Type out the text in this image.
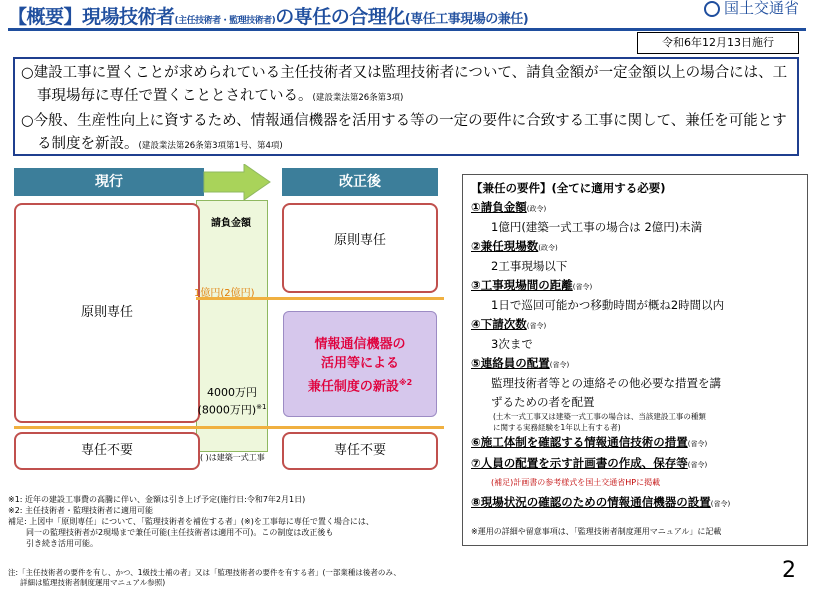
【概要】現場技術者(主任技術者・監理技術者)の専任の合理化(専任工事現場の兼任)
国土交通省
令和6年12月13日施行

○建設工事に置くことが求められている主任技術者又は監理技術者について、請負金額が一定金額以上の場合には、工事現場毎に専任で置くこととされている。(建設業法第26条第3項)

○今般、生産性向上に資するため、情報通信機器を活用する等の一定の要件に合致する工事に関して、兼任を可能とする制度を新設。(建設業法第26条第3項第1号、第4項)

現行	改正後
請負金額
原則専任
専任不要
原則専任
専任不要
情報通信機器の
活用等による
兼任制度の新設$^{※2}$
1億円(2億円)
4000万円
(8000万円)$^{※1}$
( )は建築一式工事
【兼任の要件】(全てに適用する必要)
①請負金額(政令)
1億円(建築一式工事の場合は 2億円)未満
②兼任現場数(政令)
2工事現場以下
③工事現場間の距離(省令)
1日で巡回可能かつ移動時間が概ね2時間以内
④下請次数(省令)
3次まで
⑤連絡員の配置(省令)
監理技術者等との連絡その他必要な措置を講
ずるための者を配置
(土木一式工事又は建築一式工事の場合は、当該建設工事の種類
に関する実務経験を1年以上有する者)
⑥施工体制を確認する情報通信技術の措置(省令)
⑦人員の配置を示す計画書の作成、保存等(省令)
(補足)計画書の参考様式を国土交通省HPに掲載
⑧現場状況の確認のための情報通信機器の設置(省令)
※運用の詳細や留意事項は、「監理技術者制度運用マニュアル」に記載
※1: 近年の建設工事費の高騰に伴い、金額は引き上げ予定(施行日:令和7年2月1日)
※2: 主任技術者・監理技術者に適用可能
補足: 上図中「原則専任」について、「監理技術者を補佐する者」(※)を工事毎に専任で置く場合には、
同一の監理技術者が2現場まで兼任可能(主任技術者は適用不可)。この制度は改正後も
引き続き活用可能。
注:「主任技術者の要件を有し、かつ、1級技士補の者」又は「監理技術者の要件を有する者」(一部業種は後者のみ、
詳細は監理技術者制度運用マニュアル参照)	2
